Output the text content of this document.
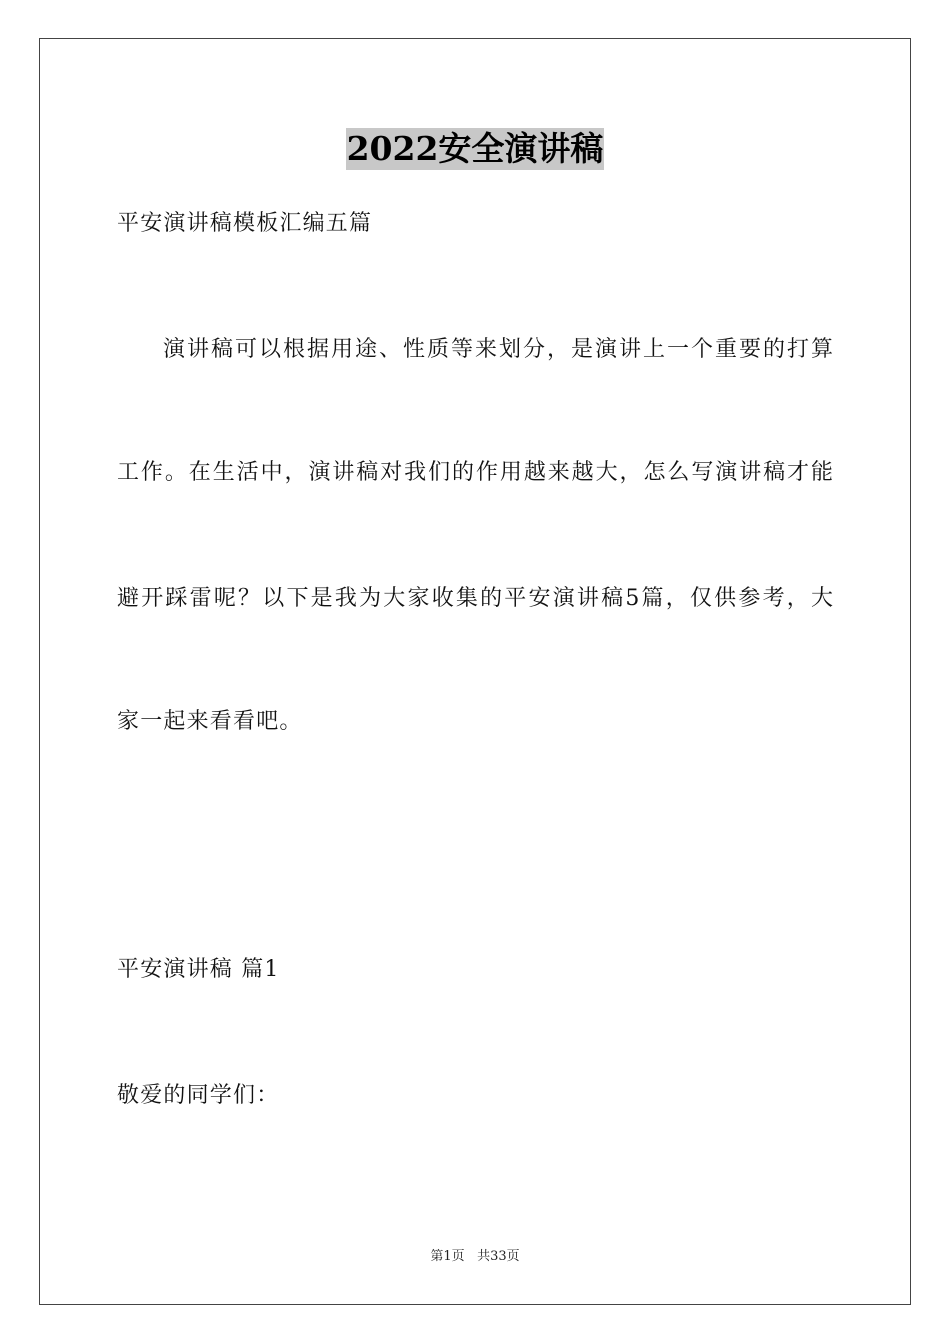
2022安全演讲稿
平安演讲稿模板汇编五篇
演讲稿可以根据用途、性质等来划分，是演讲上一个重要的打算
工作。在生活中，演讲稿对我们的作用越来越大，怎么写演讲稿才能
避开踩雷呢？以下是我为大家收集的平安演讲稿5篇，仅供参考，大
家一起来看看吧。
平安演讲稿 篇1
敬爱的同学们：
第1页 共33页
